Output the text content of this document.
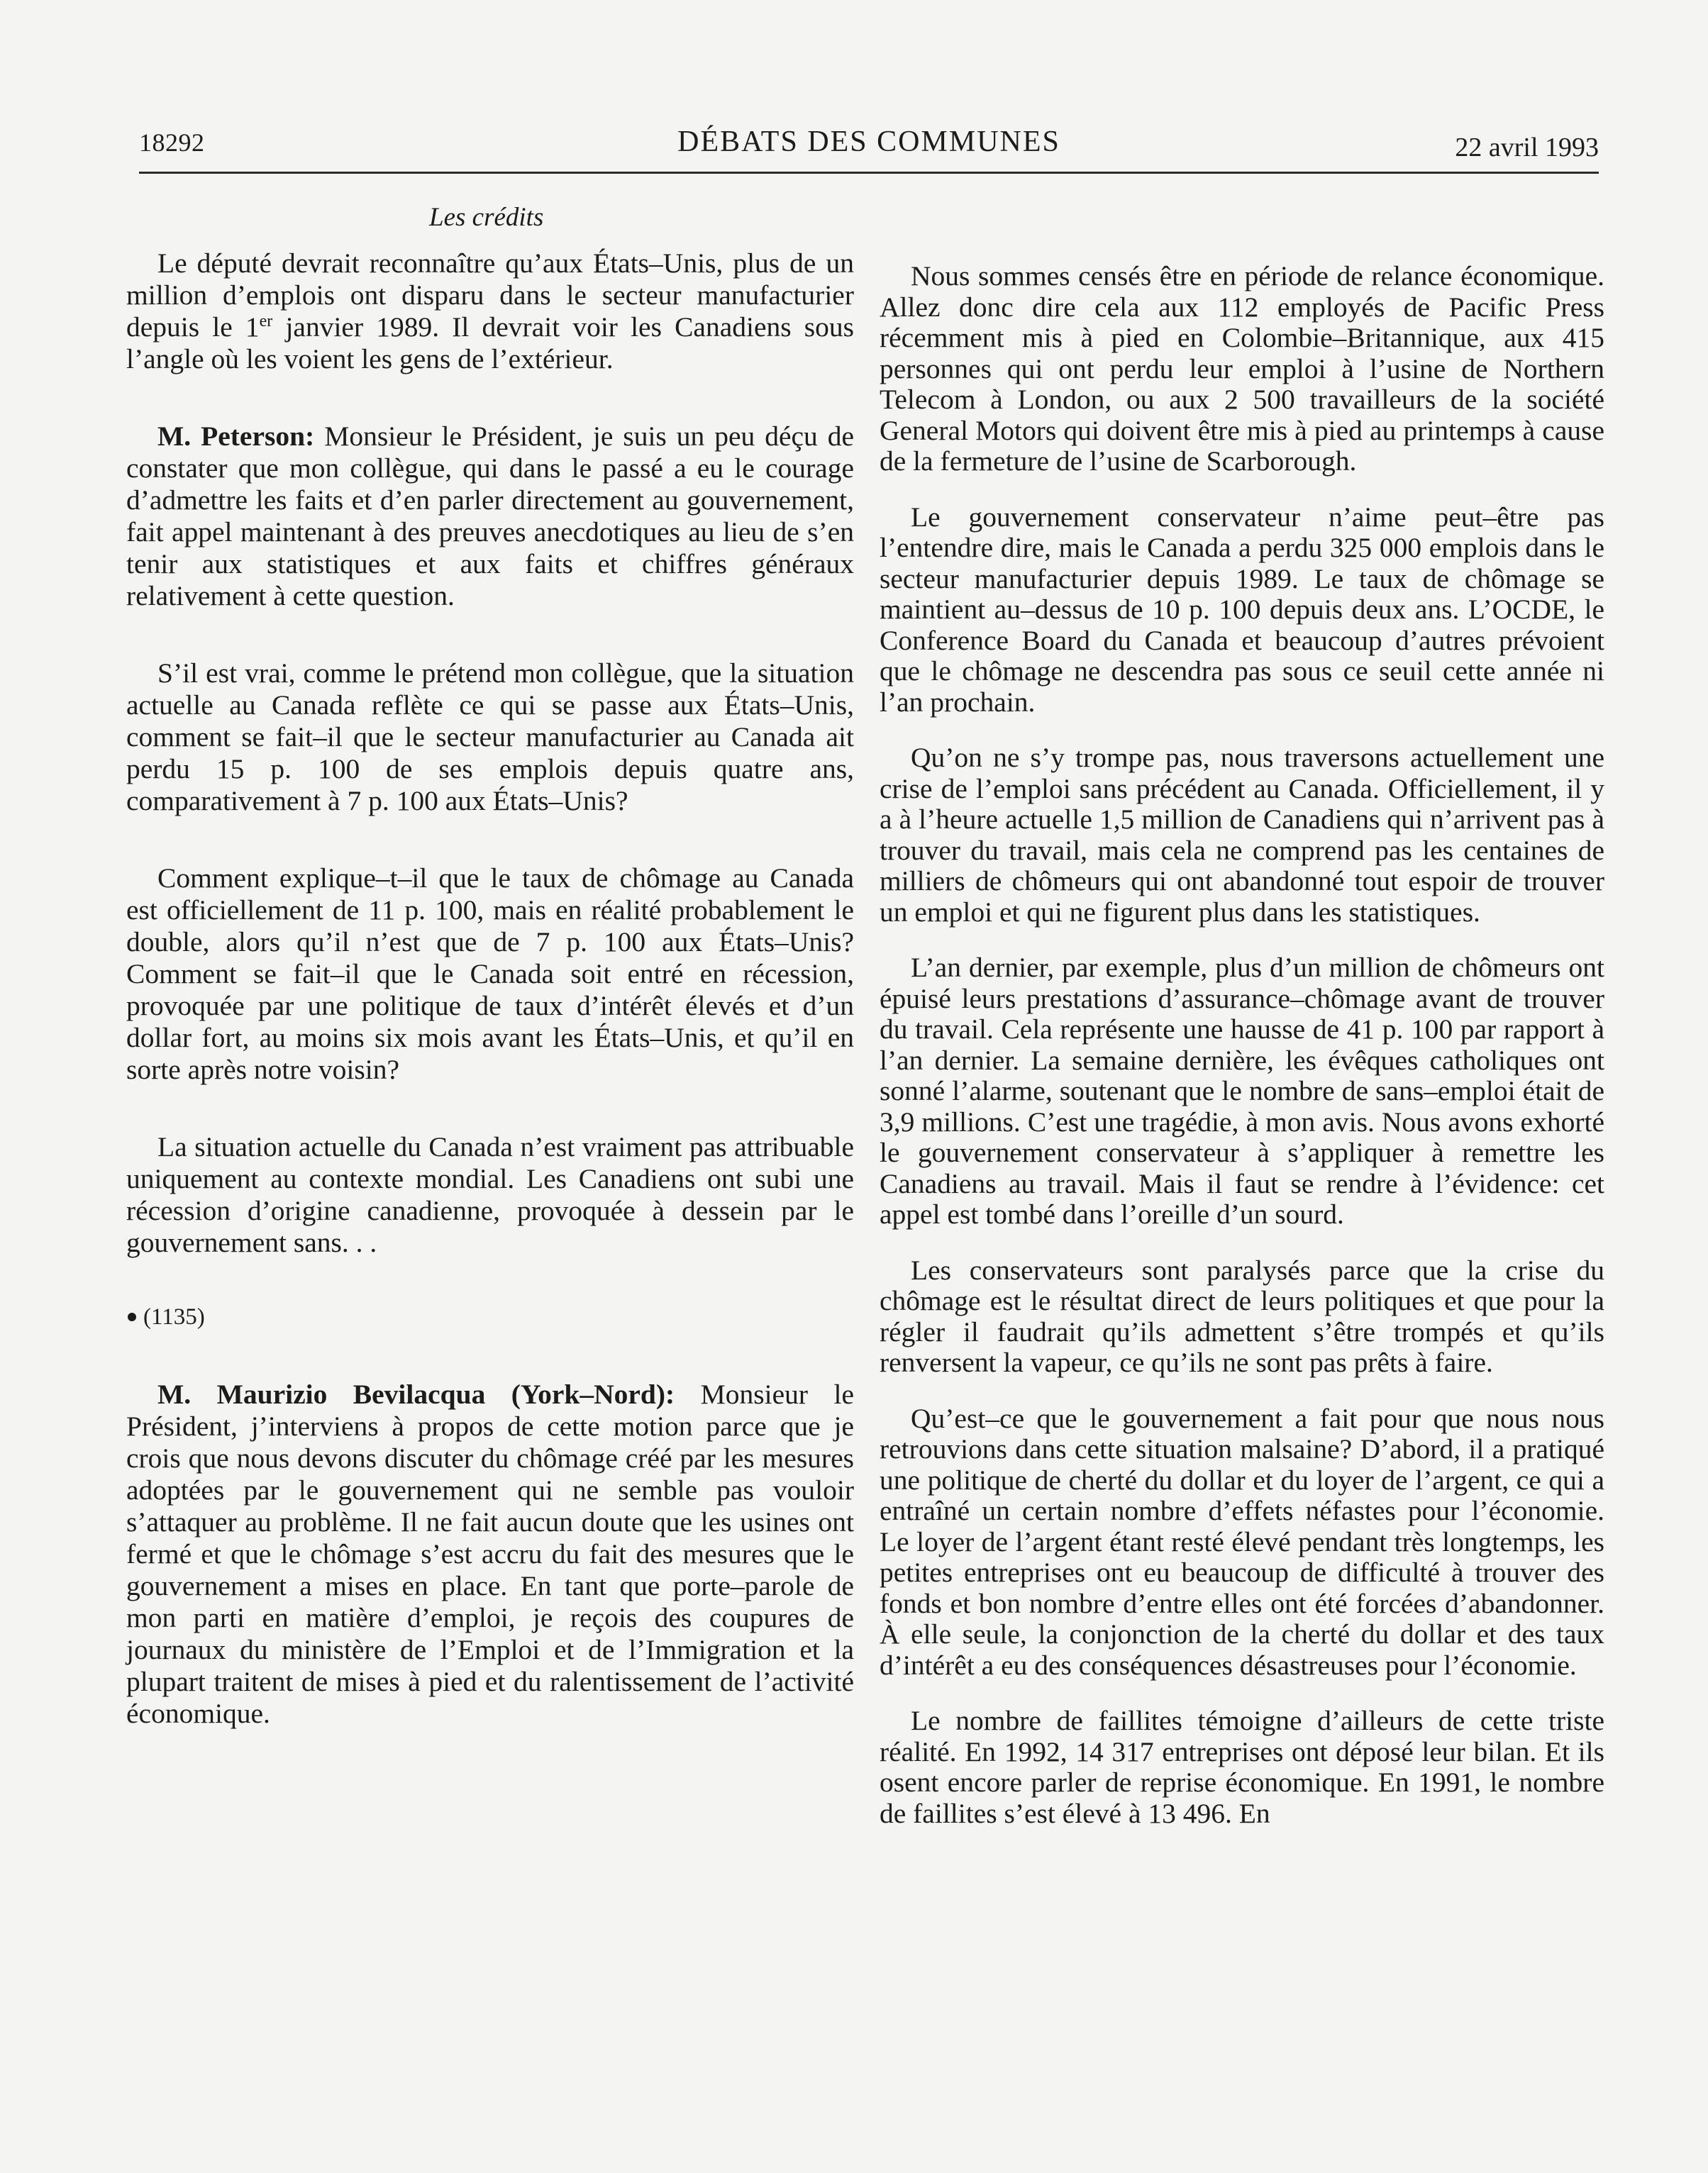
18292	DÉBATS DES COMMUNES	22 avril 1993
Les crédits

Le député devrait reconnaître qu’aux États–Unis, plus de un million d’emplois ont disparu dans le secteur manufacturier depuis le 1er janvier 1989. Il devrait voir les Canadiens sous l’angle où les voient les gens de l’extérieur.

M. Peterson: Monsieur le Président, je suis un peu déçu de constater que mon collègue, qui dans le passé a eu le courage d’admettre les faits et d’en parler directement au gouvernement, fait appel maintenant à des preuves anecdotiques au lieu de s’en tenir aux statistiques et aux faits et chiffres généraux relativement à cette question.

S’il est vrai, comme le prétend mon collègue, que la situation actuelle au Canada reflète ce qui se passe aux États–Unis, comment se fait–il que le secteur manufacturier au Canada ait perdu 15 p. 100 de ses emplois depuis quatre ans, comparativement à 7 p. 100 aux États–Unis?

Comment explique–t–il que le taux de chômage au Canada est officiellement de 11 p. 100, mais en réalité probablement le double, alors qu’il n’est que de 7 p. 100 aux États–Unis? Comment se fait–il que le Canada soit entré en récession, provoquée par une politique de taux d’intérêt élevés et d’un dollar fort, au moins six mois avant les États–Unis, et qu’il en sorte après notre voisin?

La situation actuelle du Canada n’est vraiment pas attribuable uniquement au contexte mondial. Les Canadiens ont subi une récession d’origine canadienne, provoquée à dessein par le gouvernement sans. . .

(1135)

M. Maurizio Bevilacqua (York–Nord): Monsieur le Président, j’interviens à propos de cette motion parce que je crois que nous devons discuter du chômage créé par les mesures adoptées par le gouvernement qui ne semble pas vouloir s’attaquer au problème. Il ne fait aucun doute que les usines ont fermé et que le chômage s’est accru du fait des mesures que le gouvernement a mises en place. En tant que porte–parole de mon parti en matière d’emploi, je reçois des coupures de journaux du ministère de l’Emploi et de l’Immigration et la plupart traitent de mises à pied et du ralentissement de l’activité économique.

Nous sommes censés être en période de relance économique. Allez donc dire cela aux 112 employés de Pacific Press récemment mis à pied en Colombie–Britannique, aux 415 personnes qui ont perdu leur emploi à l’usine de Northern Telecom à London, ou aux 2 500 travailleurs de la société General Motors qui doivent être mis à pied au printemps à cause de la fermeture de l’usine de Scarborough.

Le gouvernement conservateur n’aime peut–être pas l’entendre dire, mais le Canada a perdu 325 000 emplois dans le secteur manufacturier depuis 1989. Le taux de chômage se maintient au–dessus de 10 p. 100 depuis deux ans. L’OCDE, le Conference Board du Canada et beaucoup d’autres prévoient que le chômage ne descendra pas sous ce seuil cette année ni l’an prochain.

Qu’on ne s’y trompe pas, nous traversons actuellement une crise de l’emploi sans précédent au Canada. Officiellement, il y a à l’heure actuelle 1,5 million de Canadiens qui n’arrivent pas à trouver du travail, mais cela ne comprend pas les centaines de milliers de chômeurs qui ont abandonné tout espoir de trouver un emploi et qui ne figurent plus dans les statistiques.

L’an dernier, par exemple, plus d’un million de chômeurs ont épuisé leurs prestations d’assurance–chômage avant de trouver du travail. Cela représente une hausse de 41 p. 100 par rapport à l’an dernier. La semaine dernière, les évêques catholiques ont sonné l’alarme, soutenant que le nombre de sans–emploi était de 3,9 millions. C’est une tragédie, à mon avis. Nous avons exhorté le gouvernement conservateur à s’appliquer à remettre les Canadiens au travail. Mais il faut se rendre à l’évidence: cet appel est tombé dans l’oreille d’un sourd.

Les conservateurs sont paralysés parce que la crise du chômage est le résultat direct de leurs politiques et que pour la régler il faudrait qu’ils admettent s’être trompés et qu’ils renversent la vapeur, ce qu’ils ne sont pas prêts à faire.

Qu’est–ce que le gouvernement a fait pour que nous nous retrouvions dans cette situation malsaine? D’abord, il a pratiqué une politique de cherté du dollar et du loyer de l’argent, ce qui a entraîné un certain nombre d’effets néfastes pour l’économie. Le loyer de l’argent étant resté élevé pendant très longtemps, les petites entreprises ont eu beaucoup de difficulté à trouver des fonds et bon nombre d’entre elles ont été forcées d’abandonner. À elle seule, la conjonction de la cherté du dollar et des taux d’intérêt a eu des conséquences désastreuses pour l’économie.

Le nombre de faillites témoigne d’ailleurs de cette triste réalité. En 1992, 14 317 entreprises ont déposé leur bilan. Et ils osent encore parler de reprise économique. En 1991, le nombre de faillites s’est élevé à 13 496. En
